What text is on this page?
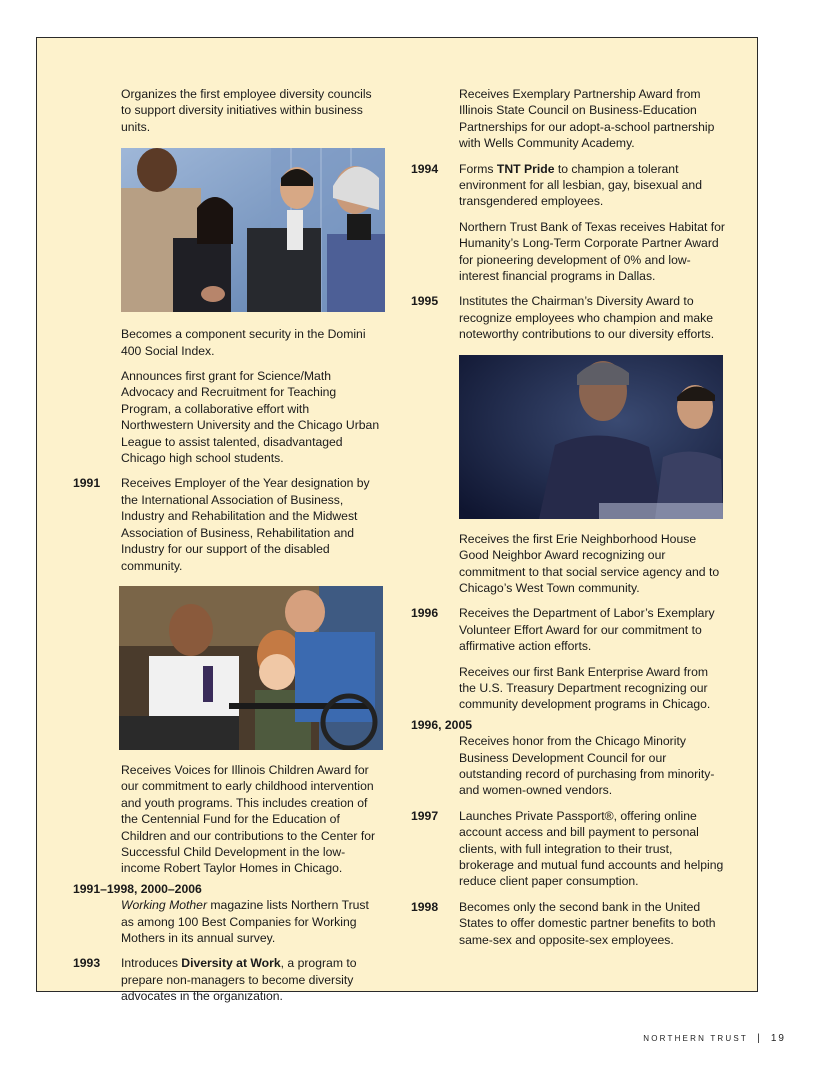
Organizes the first employee diversity councils to support diversity initiatives within business units.

Becomes a component security in the Domini 400 Social Index.

Announces first grant for Science/Math Advocacy and Recruitment for Teaching Program, a collaborative effort with Northwestern University and the Chicago Urban League to assist talented, disadvantaged Chicago high school students.

1991 Receives Employer of the Year designation by the International Association of Business, Industry and Rehabilitation and the Midwest Association of Business, Rehabilitation and Industry for our support of the disabled community.

Receives Voices for Illinois Children Award for our commitment to early childhood intervention and youth programs. This includes creation of the Centennial Fund for the Education of Children and our contributions to the Center for Successful Child Development in the low-income Robert Taylor Homes in Chicago.

1991–1998, 2000–2006

Working Mother magazine lists Northern Trust as among 100 Best Companies for Working Mothers in its annual survey.

1993 Introduces Diversity at Work, a program to prepare non-managers to become diversity advocates in the organization.

Receives Exemplary Partnership Award from Illinois State Council on Business-Education Partnerships for our adopt-a-school partnership with Wells Community Academy.

1994 Forms TNT Pride to champion a tolerant environment for all lesbian, gay, bisexual and transgendered employees.

Northern Trust Bank of Texas receives Habitat for Humanity’s Long-Term Corporate Partner Award for pioneering development of 0% and low-interest financial programs in Dallas.

1995 Institutes the Chairman’s Diversity Award to recognize employees who champion and make noteworthy contributions to our diversity efforts.

Receives the first Erie Neighborhood House Good Neighbor Award recognizing our commitment to that social service agency and to Chicago’s West Town community.

1996 Receives the Department of Labor’s Exemplary Volunteer Effort Award for our commitment to affirmative action efforts.

Receives our first Bank Enterprise Award from the U.S. Treasury Department recognizing our community development programs in Chicago.

1996, 2005

Receives honor from the Chicago Minority Business Development Council for our outstanding record of purchasing from minority- and women-owned vendors.

1997 Launches Private Passport®, offering online account access and bill payment to personal clients, with full integration to their trust, brokerage and mutual fund accounts and helping reduce client paper consumption.

1998 Becomes only the second bank in the United States to offer domestic partner benefits to both same-sex and opposite-sex employees.

NORTHERN TRUST | 19
